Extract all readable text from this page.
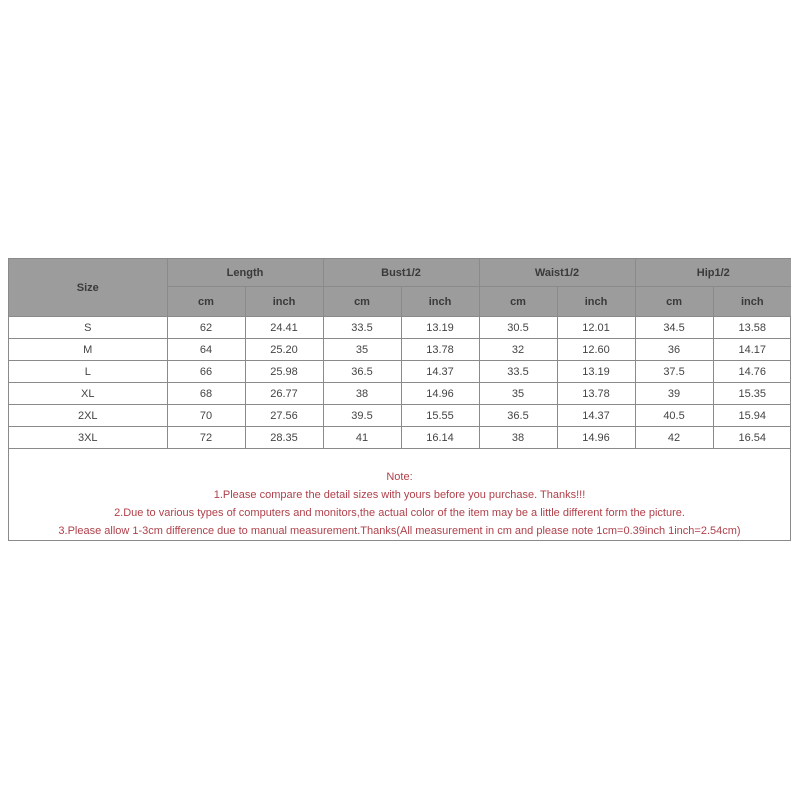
Size	Length		Bust1/2		Waist1/2		Hip1/2	
	cm	inch	cm	inch	cm	inch	cm	inch
S	62	24.41	33.5	13.19	30.5	12.01	34.5	13.58
M	64	25.20	35	13.78	32	12.60	36	14.17
L	66	25.98	36.5	14.37	33.5	13.19	37.5	14.76
XL	68	26.77	38	14.96	35	13.78	39	15.35
2XL	70	27.56	39.5	15.55	36.5	14.37	40.5	15.94
3XL	72	28.35	41	16.14	38	14.96	42	16.54
Note:
1.Please compare the detail sizes with yours before you purchase. Thanks!!!
2.Due to various types of computers and monitors,the actual color of the item may be a little different form the picture.
3.Please allow 1-3cm difference due to manual measurement.Thanks(All measurement in cm and please note 1cm=0.39inch 1inch=2.54cm)
